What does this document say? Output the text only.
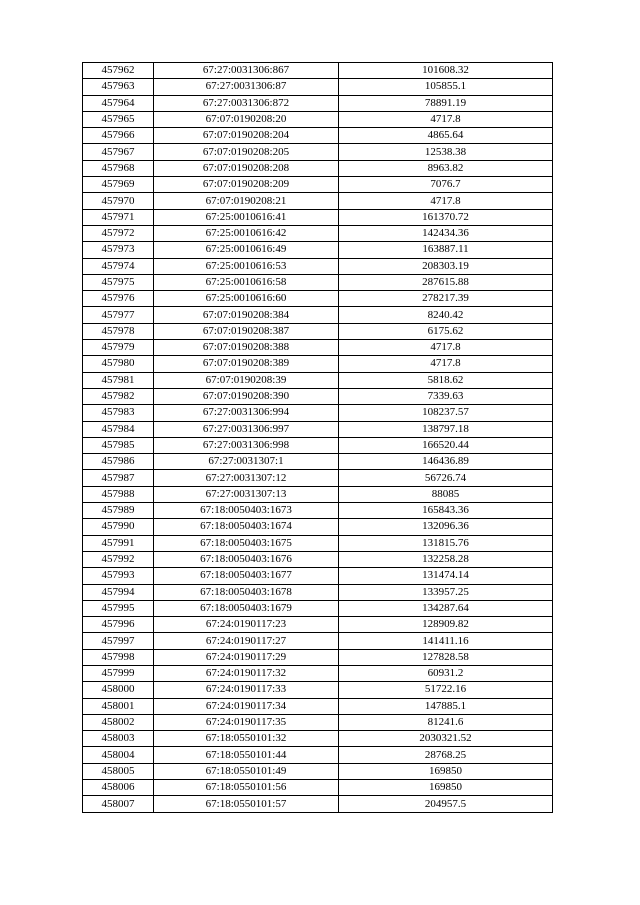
457962	67:27:0031306:867	101608.32
457963	67:27:0031306:87	105855.1
457964	67:27:0031306:872	78891.19
457965	67:07:0190208:20	4717.8
457966	67:07:0190208:204	4865.64
457967	67:07:0190208:205	12538.38
457968	67:07:0190208:208	8963.82
457969	67:07:0190208:209	7076.7
457970	67:07:0190208:21	4717.8
457971	67:25:0010616:41	161370.72
457972	67:25:0010616:42	142434.36
457973	67:25:0010616:49	163887.11
457974	67:25:0010616:53	208303.19
457975	67:25:0010616:58	287615.88
457976	67:25:0010616:60	278217.39
457977	67:07:0190208:384	8240.42
457978	67:07:0190208:387	6175.62
457979	67:07:0190208:388	4717.8
457980	67:07:0190208:389	4717.8
457981	67:07:0190208:39	5818.62
457982	67:07:0190208:390	7339.63
457983	67:27:0031306:994	108237.57
457984	67:27:0031306:997	138797.18
457985	67:27:0031306:998	166520.44
457986	67:27:0031307:1	146436.89
457987	67:27:0031307:12	56726.74
457988	67:27:0031307:13	88085
457989	67:18:0050403:1673	165843.36
457990	67:18:0050403:1674	132096.36
457991	67:18:0050403:1675	131815.76
457992	67:18:0050403:1676	132258.28
457993	67:18:0050403:1677	131474.14
457994	67:18:0050403:1678	133957.25
457995	67:18:0050403:1679	134287.64
457996	67:24:0190117:23	128909.82
457997	67:24:0190117:27	141411.16
457998	67:24:0190117:29	127828.58
457999	67:24:0190117:32	60931.2
458000	67:24:0190117:33	51722.16
458001	67:24:0190117:34	147885.1
458002	67:24:0190117:35	81241.6
458003	67:18:0550101:32	2030321.52
458004	67:18:0550101:44	28768.25
458005	67:18:0550101:49	169850
458006	67:18:0550101:56	169850
458007	67:18:0550101:57	204957.5
